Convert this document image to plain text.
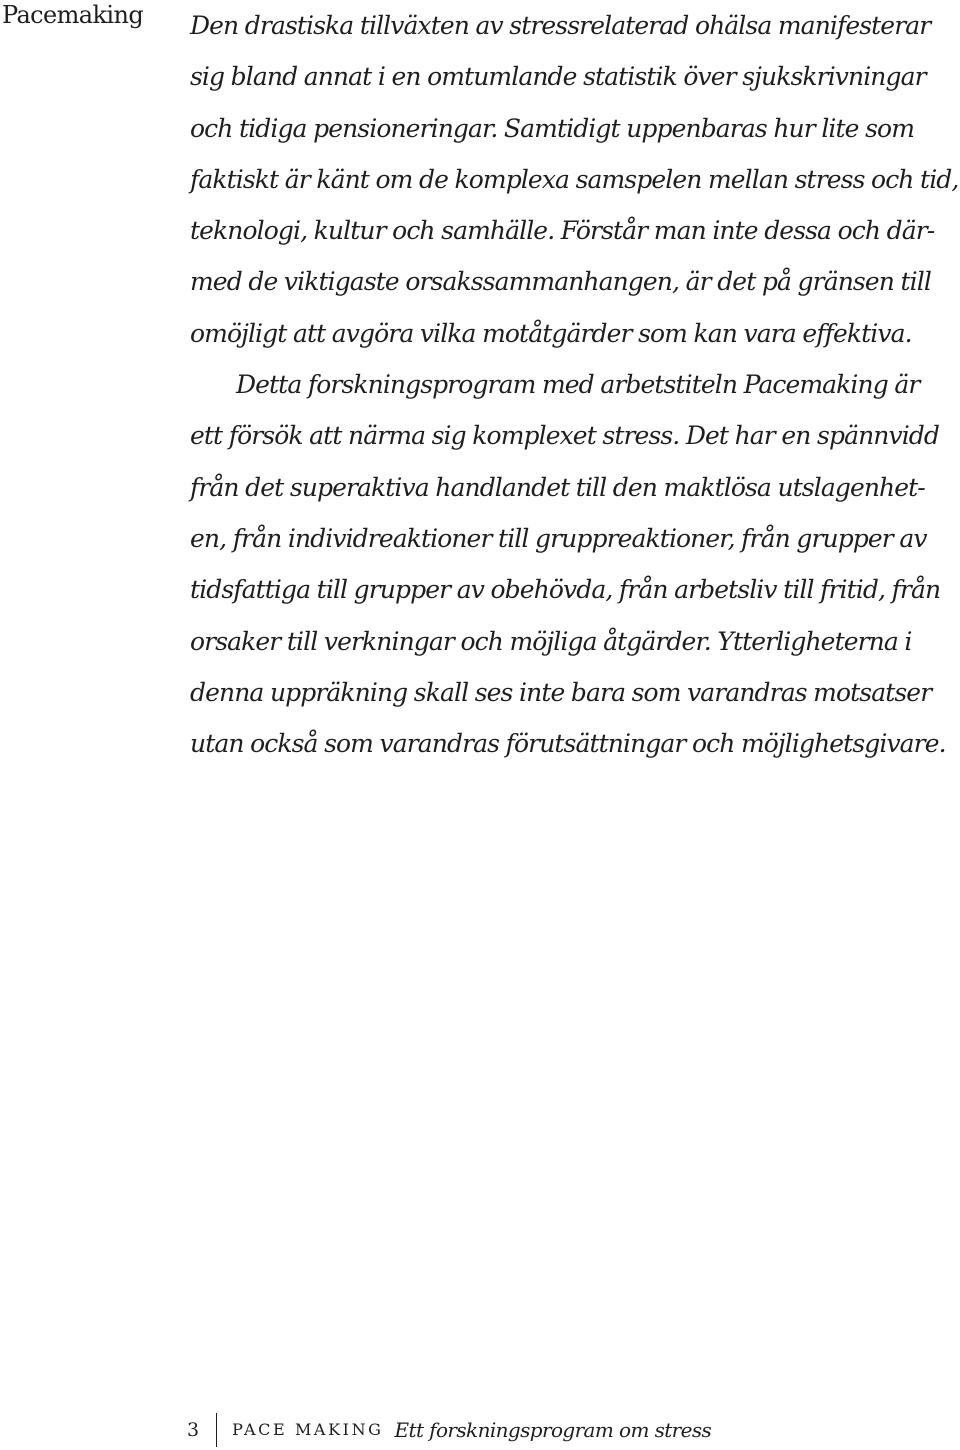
Pacemaking Den drastiska tillväxten av stressrelaterad ohälsa manifesterar
sig bland annat i en omtumlande statistik över sjukskrivningar
och tidiga pensioneringar. Samtidigt uppenbaras hur lite som
faktiskt är känt om de komplexa samspelen mellan stress och tid,
teknologi, kultur och samhälle. Förstår man inte dessa och där-
med de viktigaste orsakssammanhangen, är det på gränsen till
omöjligt att avgöra vilka motåtgärder som kan vara effektiva.
Detta forskningsprogram med arbetstiteln Pacemaking är
ett försök att närma sig komplexet stress. Det har en spännvidd
från det superaktiva handlandet till den maktlösa utslagenhet-
en, från individreaktioner till gruppreaktioner, från grupper av
tidsfattiga till grupper av obehövda, från arbetsliv till fritid, från
orsaker till verkningar och möjliga åtgärder. Ytterligheterna i
denna uppräkning skall ses inte bara som varandras motsatser
utan också som varandras förutsättningar och möjlighetsgivare.

3 PACE MAKING Ett forskningsprogram om stress
